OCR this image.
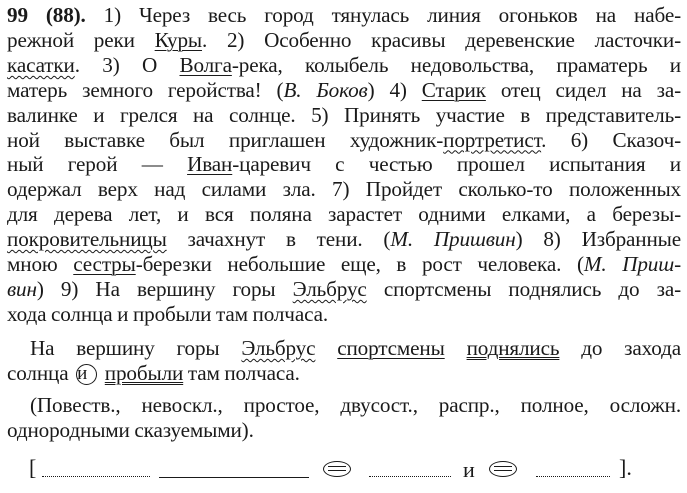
99 (88). 1) Через весь город тянулась линия огоньков на набе-
режной реки Куры. 2) Особенно красивы деревенские ласточки-
касатки. 3) О Волга-река, колыбель недовольства, праматерь и
матерь земного геройства! (В. Боков) 4) Старик отец сидел на за-
валинке и грелся на солнце. 5) Принять участие в представитель-
ной выставке был приглашен художник-портретист. 6) Сказоч-
ный герой — Иван-царевич с честью прошел испытания и
одержал верх над силами зла. 7) Пройдет сколько-то положенных
для дерева лет, и вся поляна зарастет одними елками, а березы-
покровительницы зачахнут в тени. (М. Пришвин) 8) Избранные
мною сестры-березки небольшие еще, в рост человека. (М. Приш-
вин) 9) На вершину горы Эльбрус спортсмены поднялись до за-
хода солнца и пробыли там полчаса.
На вершину горы Эльбрус спортсмены поднялись до захода
солнца и пробыли там полчаса.
(Повеств., невоскл., простое, двусост., распр., полное, осложн.
однородными сказуемыми).
[	и	].
